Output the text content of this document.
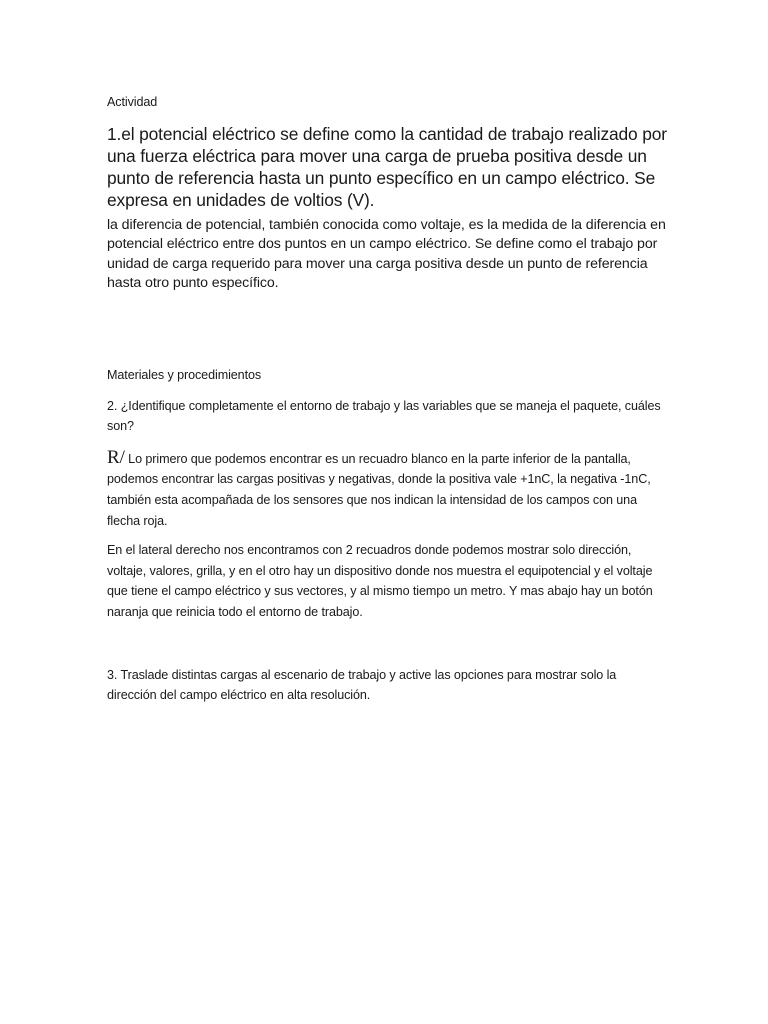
Actividad

1.el potencial eléctrico se define como la cantidad de trabajo realizado por una fuerza eléctrica para mover una carga de prueba positiva desde un punto de referencia hasta un punto específico en un campo eléctrico. Se expresa en unidades de voltios (V).

la diferencia de potencial, también conocida como voltaje, es la medida de la diferencia en potencial eléctrico entre dos puntos en un campo eléctrico. Se define como el trabajo por unidad de carga requerido para mover una carga positiva desde un punto de referencia hasta otro punto específico.

Materiales y procedimientos

2. ¿Identifique completamente el entorno de trabajo y las variables que se maneja el paquete, cuáles son?

R/ Lo primero que podemos encontrar es un recuadro blanco en la parte inferior de la pantalla, podemos encontrar las cargas positivas y negativas, donde la positiva vale +1nC, la negativa -1nC, también esta acompañada de los sensores que nos indican la intensidad de los campos con una flecha roja.

En el lateral derecho nos encontramos con 2 recuadros donde podemos mostrar solo dirección, voltaje, valores, grilla, y en el otro hay un dispositivo donde nos muestra el equipotencial y el voltaje que tiene el campo eléctrico y sus vectores, y al mismo tiempo un metro. Y mas abajo hay un botón naranja que reinicia todo el entorno de trabajo.

3. Traslade distintas cargas al escenario de trabajo y active las opciones para mostrar solo la dirección del campo eléctrico en alta resolución.
